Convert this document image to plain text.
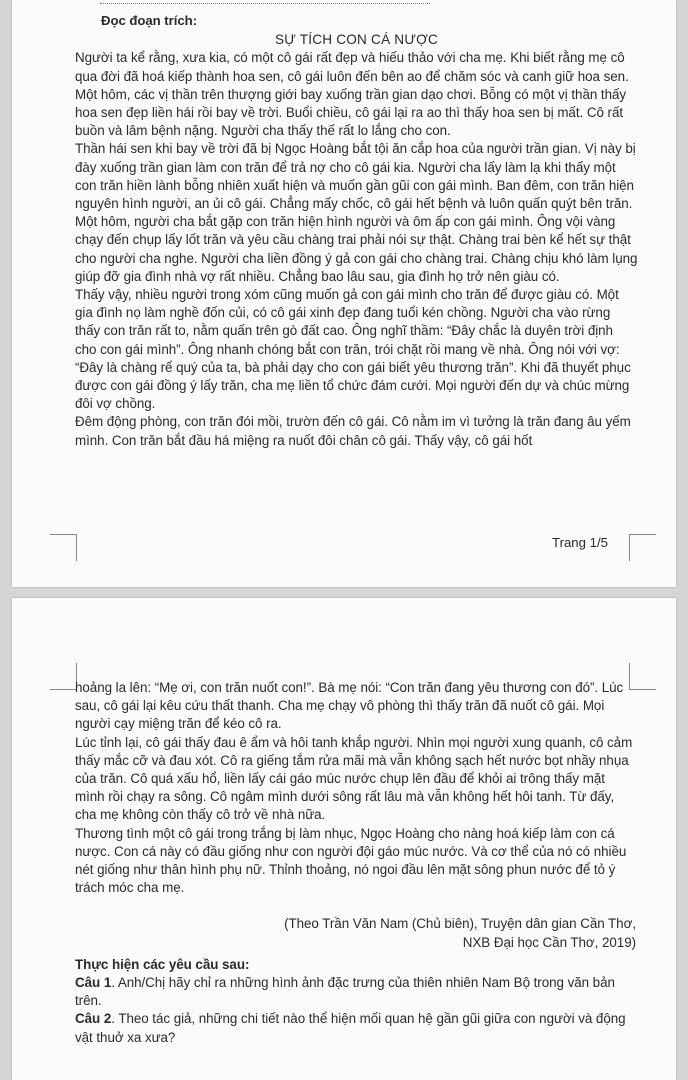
Đọc đoạn trích:

SỰ TÍCH CON CÁ NƯỢC

Người ta kể rằng, xưa kia, có một cô gái rất đẹp và hiếu thảo với cha mẹ. Khi biết rằng mẹ cô qua đời đã hoá kiếp thành hoa sen, cô gái luôn đến bên ao để chăm sóc và canh giữ hoa sen.

Một hôm, các vị thần trên thượng giới bay xuống trần gian dạo chơi. Bỗng có một vị thần thấy hoa sen đẹp liền hái rồi bay về trời. Buổi chiều, cô gái lại ra ao thì thấy hoa sen bị mất. Cô rất buồn và lâm bệnh nặng. Người cha thấy thế rất lo lắng cho con.

Thần hái sen khi bay về trời đã bị Ngọc Hoàng bắt tội ăn cắp hoa của người trần gian. Vị này bị đày xuống trần gian làm con trăn để trả nợ cho cô gái kia. Người cha lấy làm lạ khi thấy một con trăn hiền lành bỗng nhiên xuất hiện và muốn gần gũi con gái mình. Ban đêm, con trăn hiện nguyên hình người, an ủi cô gái. Chẳng mấy chốc, cô gái hết bệnh và luôn quấn quýt bên trăn. Một hôm, người cha bắt gặp con trăn hiện hình người và ôm ấp con gái mình. Ông vội vàng chạy đến chụp lấy lốt trăn và yêu cầu chàng trai phải nói sự thật. Chàng trai bèn kể hết sự thật cho người cha nghe. Người cha liền đồng ý gả con gái cho chàng trai. Chàng chịu khó làm lụng giúp đỡ gia đình nhà vợ rất nhiều. Chẳng bao lâu sau, gia đình họ trở nên giàu có.

Thấy vậy, nhiều người trong xóm cũng muốn gả con gái mình cho trăn để được giàu có. Một gia đình nọ làm nghề đốn củi, có cô gái xinh đẹp đang tuổi kén chồng. Người cha vào rừng thấy con trăn rất to, nằm quấn trên gò đất cao. Ông nghĩ thầm: “Đây chắc là duyên trời định cho con gái mình”. Ông nhanh chóng bắt con trăn, trói chặt rồi mang về nhà. Ông nói với vợ: “Đây là chàng rể quý của ta, bà phải dạy cho con gái biết yêu thương trăn”. Khi đã thuyết phục được con gái đồng ý lấy trăn, cha mẹ liền tổ chức đám cưới. Mọi người đến dự và chúc mừng đôi vợ chồng.

Đêm động phòng, con trăn đói mồi, trườn đến cô gái. Cô nằm im vì tưởng là trăn đang âu yếm mình. Con trăn bắt đầu há miệng ra nuốt đôi chân cô gái. Thấy vậy, cô gái hốt

Trang 1/5

hoảng la lên: “Mẹ ơi, con trăn nuốt con!”. Bà mẹ nói: “Con trăn đang yêu thương con đó”. Lúc sau, cô gái lại kêu cứu thất thanh. Cha mẹ chạy vô phòng thì thấy trăn đã nuốt cô gái. Mọi người cạy miệng trăn để kéo cô ra.

Lúc tỉnh lại, cô gái thấy đau ê ẩm và hôi tanh khắp người. Nhìn mọi người xung quanh, cô cảm thấy mắc cỡ và đau xót. Cô ra giếng tắm rửa mãi mà vẫn không sạch hết nước bọt nhầy nhụa của trăn. Cô quá xấu hổ, liền lấy cái gáo múc nước chụp lên đầu để khỏi ai trông thấy mặt mình rồi chạy ra sông. Cô ngâm mình dưới sông rất lâu mà vẫn không hết hôi tanh. Từ đấy, cha mẹ không còn thấy cô trở về nhà nữa.

Thương tình một cô gái trong trắng bị làm nhục, Ngọc Hoàng cho nàng hoá kiếp làm con cá nược. Con cá này có đầu giống như con người đội gáo múc nước. Và cơ thể của nó có nhiều nét giống như thân hình phụ nữ. Thỉnh thoảng, nó ngoi đầu lên mặt sông phun nước để tỏ ý trách móc cha mẹ.

(Theo Trần Văn Nam (Chủ biên), Truyện dân gian Cần Thơ,

NXB Đại học Cần Thơ, 2019)

Thực hiện các yêu cầu sau:

Câu 1. Anh/Chị hãy chỉ ra những hình ảnh đặc trưng của thiên nhiên Nam Bộ trong văn bản trên.

Câu 2. Theo tác giả, những chi tiết nào thể hiện mối quan hệ gần gũi giữa con người và động vật thuở xa xưa?
